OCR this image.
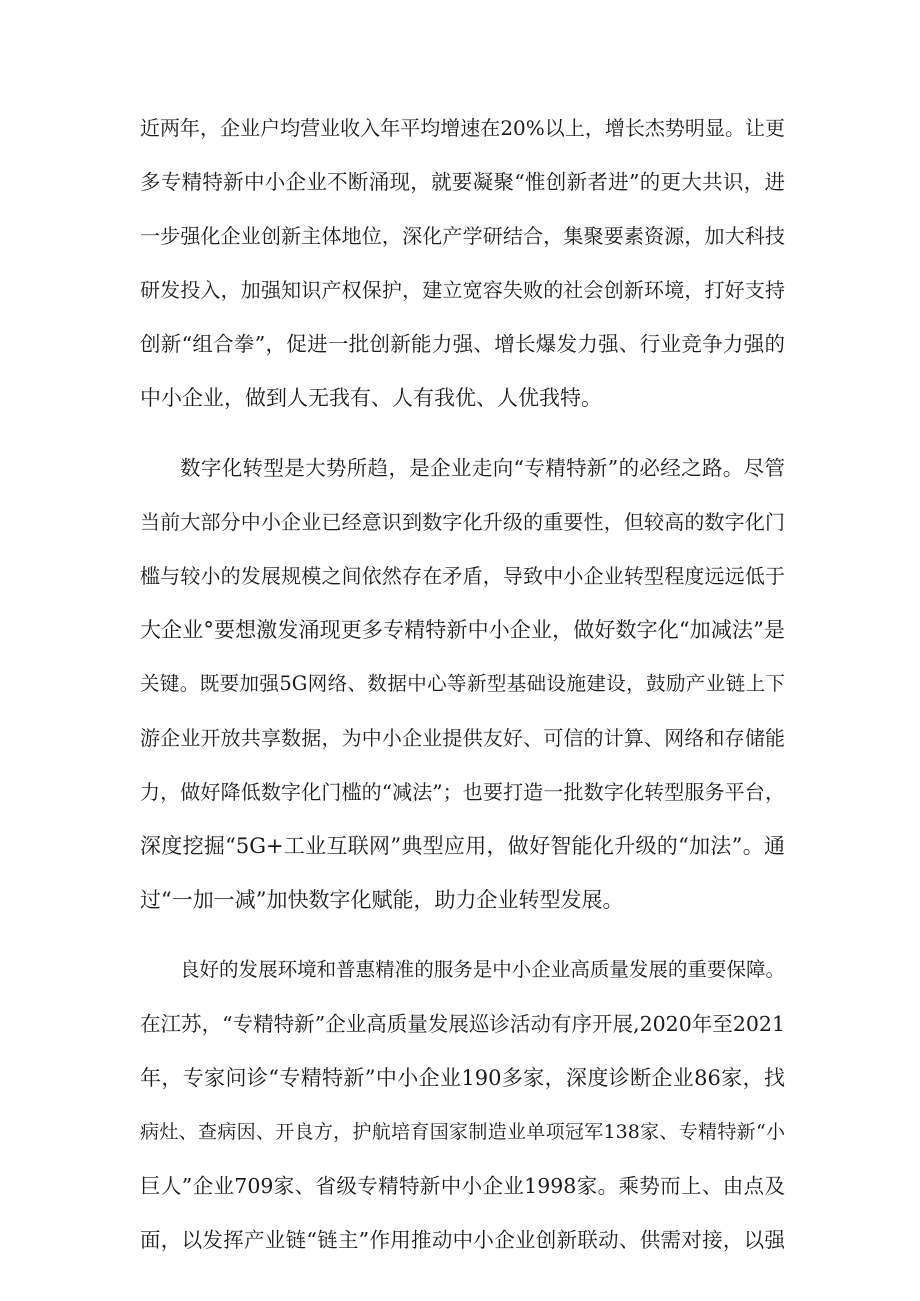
近两年，企业户均营业收入年平均增速在20%以上，增长杰势明显。让更
多专精特新中小企业不断涌现，就要凝聚“惟创新者进”的更大共识，进
一步强化企业创新主体地位，深化产学研结合，集聚要素资源，加大科技
研发投入，加强知识产权保护，建立宽容失败的社会创新环境，打好支持
创新“组合拳”，促进一批创新能力强、增长爆发力强、行业竞争力强的
中小企业，做到人无我有、人有我优、人优我特。
数字化转型是大势所趋，是企业走向“专精特新”的必经之路。尽管
当前大部分中小企业已经意识到数字化升级的重要性，但较高的数字化门
槛与较小的发展规模之间依然存在矛盾，导致中小企业转型程度远远低于
大企业°要想激发涌现更多专精特新中小企业，做好数字化“加减法”是
关键。既要加强5G网络、数据中心等新型基础设施建设，鼓励产业链上下
游企业开放共享数据，为中小企业提供友好、可信的计算、网络和存储能
力，做好降低数字化门槛的“减法”；也要打造一批数字化转型服务平台，
深度挖掘“5G+工业互联网”典型应用，做好智能化升级的“加法”。通
过“一加一减”加快数字化赋能，助力企业转型发展。
良好的发展环境和普惠精准的服务是中小企业高质量发展的重要保障。
在江苏，“专精特新”企业高质量发展巡诊活动有序开展,2020年至2021
年，专家问诊“专精特新”中小企业190多家，深度诊断企业86家，找
病灶、查病因、开良方，护航培育国家制造业单项冠军138家、专精特新“小
巨人”企业709家、省级专精特新中小企业1998家。乘势而上、由点及
面，以发挥产业链“链主”作用推动中小企业创新联动、供需对接，以强
